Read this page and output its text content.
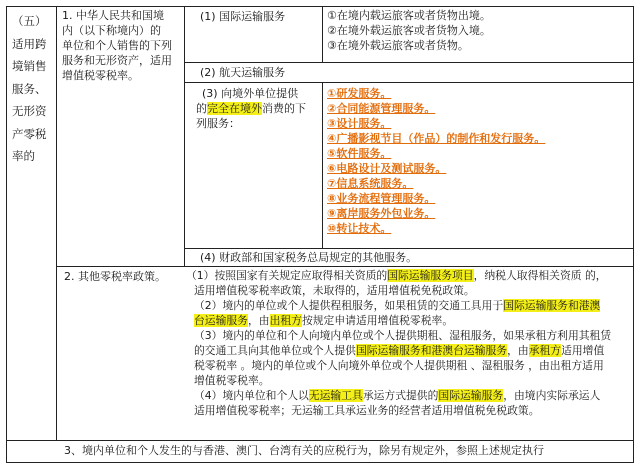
（五）
适用跨
境销售
服务、
无形资
产零税
率的
1. 中华人民共和国境
内（以下称境内）的
单位和个人销售的下列
服务和无形资产，适用
增值税零税率。
(1) 国际运输服务	①在境内载运旅客或者货物出境。
②在境外载运旅客或者货物入境。
③在境外载运旅客或者货物。
(2) 航天运输服务
(3) 向境外单位提供
的完全在境外消费的下
列服务：
①研发服务。
②合同能源管理服务。
③设计服务。
④广播影视节目（作品）的制作和发行服务。
⑤软件服务。
⑥电路设计及测试服务。
⑦信息系统服务。
⑧业务流程管理服务。
⑨离岸服务外包业务。
⑩转让技术。
(4) 财政部和国家税务总局规定的其他服务。
2. 其他零税率政策。 （1）按照国家有关规定应取得相关资质的国际运输服务项目，纳税人取得相关资质 的，
适用增值税零税率政策，未取得的，适用增值税免税政策。
（2）境内的单位或个人提供程租服务，如果租赁的交通工具用于国际运输服务和港澳
台运输服务，由出租方按规定申请适用增值税零税率。
（3）境内的单位和个人向境内单位或个人提供期租、湿租服务，如果承租方利用其租赁
的交通工具向其他单位或个人提供国际运输服务和港澳台运输服务，由承租方适用增值
税零税率 。境内的单位或个人向境外单位或个人提供期租 、湿租服务 ，由出租方适用
增值税零税率。
（4）境内单位和个人以无运输工具承运方式提供的国际运输服务，由境内实际承运人
适用增值税零税率；无运输工具承运业务的经营者适用增值税免税政策。
3、境内单位和个人发生的与香港、澳门、台湾有关的应税行为，除另有规定外，参照上述规定执行
